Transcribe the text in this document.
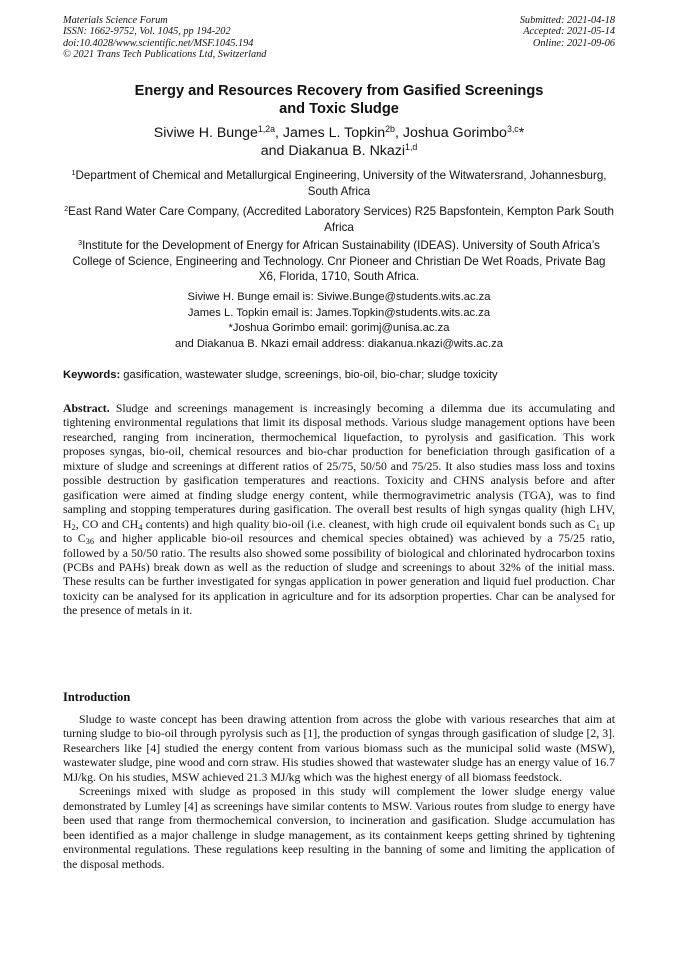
Materials Science Forum
ISSN: 1662-9752, Vol. 1045, pp 194-202
doi:10.4028/www.scientific.net/MSF.1045.194
© 2021 Trans Tech Publications Ltd, Switzerland
Submitted: 2021-04-18
Accepted: 2021-05-14
Online: 2021-09-06
Energy and Resources Recovery from Gasified Screenings
and Toxic Sludge
Siviwe H. Bunge$^{1,2a}$, James L. Topkin$^{2b}$, Joshua Gorimbo$^{3,c}$*
and Diakanua B. Nkazi$^{1,d}$
$^1$Department of Chemical and Metallurgical Engineering, University of the Witwatersrand, Johannesburg, South Africa
$^2$East Rand Water Care Company, (Accredited Laboratory Services) R25 Bapsfontein, Kempton Park South Africa
$^3$Institute for the Development of Energy for African Sustainability (IDEAS). University of South Africa’s College of Science, Engineering and Technology. Cnr Pioneer and Christian De Wet Roads, Private Bag X6, Florida, 1710, South Africa.
Siviwe H. Bunge email is: Siviwe.Bunge@students.wits.ac.za
James L. Topkin email is: James.Topkin@students.wits.ac.za
*Joshua Gorimbo email: gorimj@unisa.ac.za
and Diakanua B. Nkazi email address: diakanua.nkazi@wits.ac.za
Keywords: gasification, wastewater sludge, screenings, bio-oil, bio-char; sludge toxicity
Abstract. Sludge and screenings management is increasingly becoming a dilemma due its accumulating and tightening environmental regulations that limit its disposal methods. Various sludge management options have been researched, ranging from incineration, thermochemical liquefaction, to pyrolysis and gasification. This work proposes syngas, bio-oil, chemical resources and bio-char production for beneficiation through gasification of a mixture of sludge and screenings at different ratios of 25/75, 50/50 and 75/25. It also studies mass loss and toxins possible destruction by gasification temperatures and reactions. Toxicity and CHNS analysis before and after gasification were aimed at finding sludge energy content, while thermogravimetric analysis (TGA), was to find sampling and stopping temperatures during gasification. The overall best results of high syngas quality (high LHV, $H_2$, CO and $CH_4$ contents) and high quality bio-oil (i.e. cleanest, with high crude oil equivalent bonds such as $C_1$ up to $C_{36}$ and higher applicable bio-oil resources and chemical species obtained) was achieved by a 75/25 ratio, followed by a 50/50 ratio. The results also showed some possibility of biological and chlorinated hydrocarbon toxins (PCBs and PAHs) break down as well as the reduction of sludge and screenings to about 32% of the initial mass. These results can be further investigated for syngas application in power generation and liquid fuel production. Char toxicity can be analysed for its application in agriculture and for its adsorption properties. Char can be analysed for the presence of metals in it.
Introduction

Sludge to waste concept has been drawing attention from across the globe with various researches that aim at turning sludge to bio-oil through pyrolysis such as [1], the production of syngas through gasification of sludge [2, 3]. Researchers like [4] studied the energy content from various biomass such as the municipal solid waste (MSW), wastewater sludge, pine wood and corn straw. His studies showed that wastewater sludge has an energy value of 16.7 MJ/kg. On his studies, MSW achieved 21.3 MJ/kg which was the highest energy of all biomass feedstock.

Screenings mixed with sludge as proposed in this study will complement the lower sludge energy value demonstrated by Lumley [4] as screenings have similar contents to MSW. Various routes from sludge to energy have been used that range from thermochemical conversion, to incineration and gasification. Sludge accumulation has been identified as a major challenge in sludge management, as its containment keeps getting shrined by tightening environmental regulations. These regulations keep resulting in the banning of some and limiting the application of the disposal methods.
